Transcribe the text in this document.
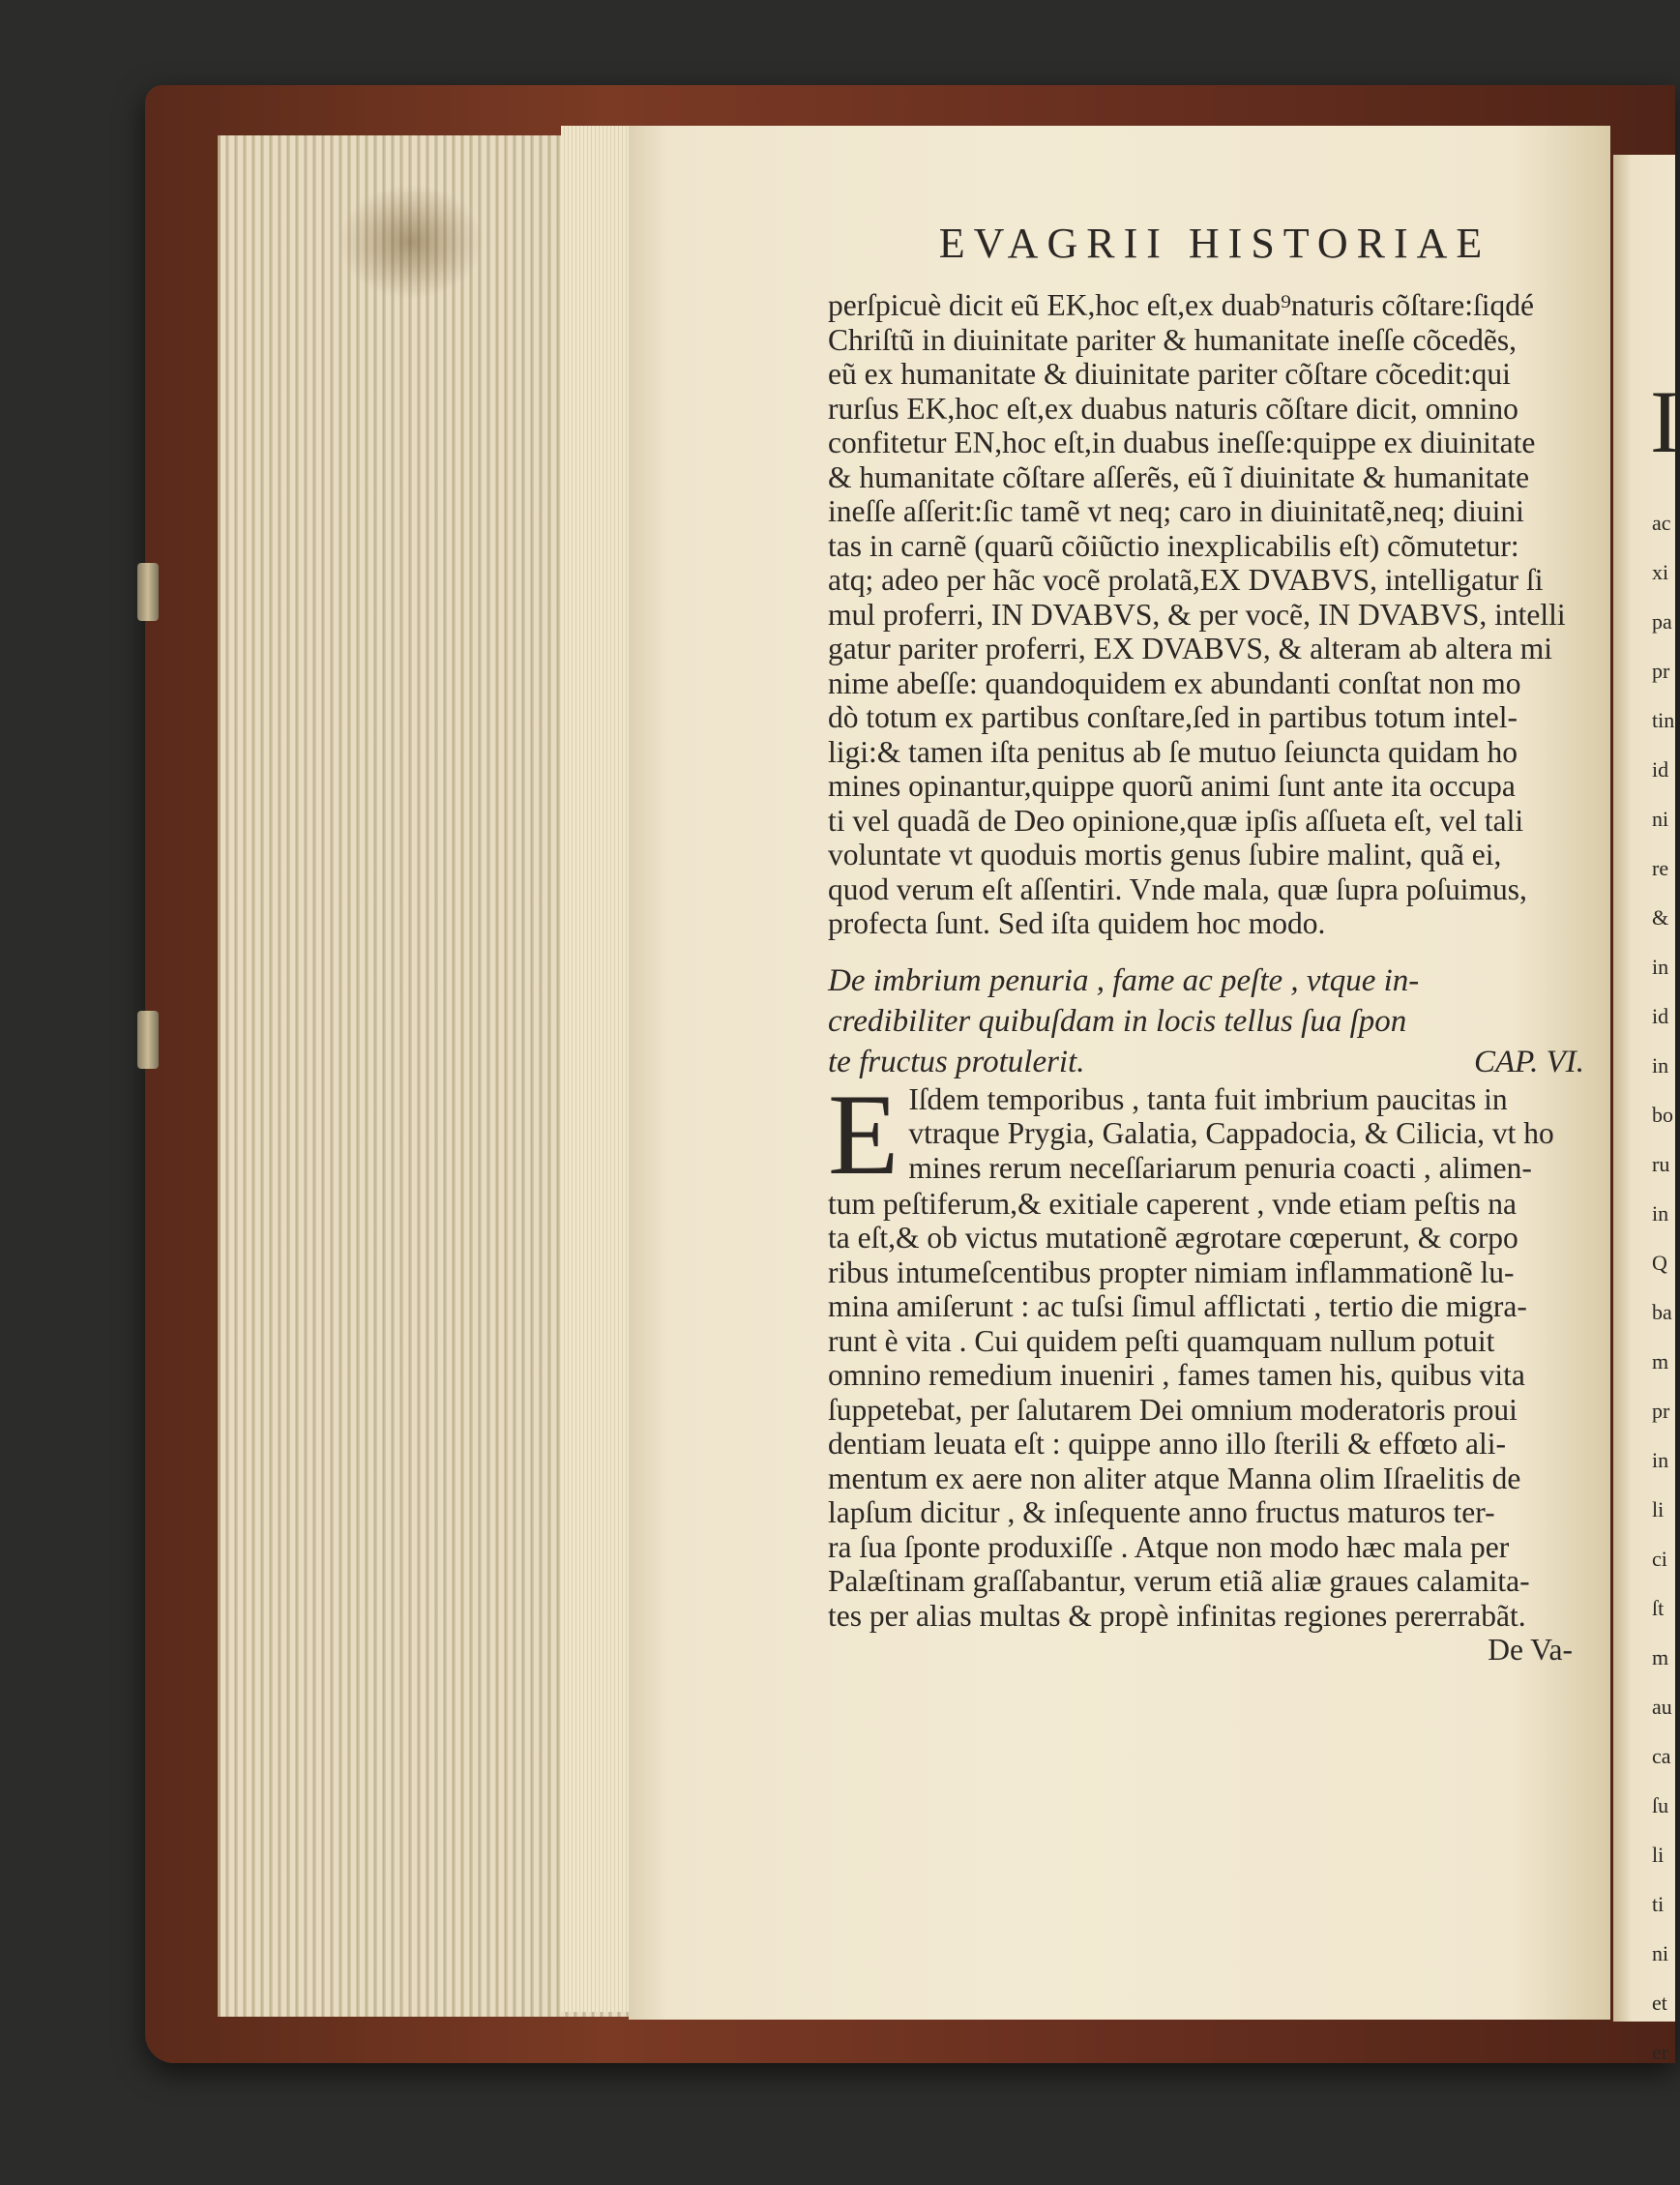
I
ac
xi
pa
pr
tin
id
ni
re
&
in
id
in
bo
ru
in
Q
ba
m
pr
in
li
ci
ſt
m
au
ca
ſu
li
ti
ni
et
er
EVAGRII HISTORIAE
perſpicuè dicit eũ ΕΚ,hoc eſt,ex duab⁹naturis cõſtare:ſiqdé
Chriſtũ in diuinitate pariter & humanitate ineſſe cõcedẽs,
eũ ex humanitate & diuinitate pariter cõſtare cõcedit:qui
rurſus ΕΚ,hoc eſt,ex duabus naturis cõſtare dicit, omnino
confitetur ΕΝ,hoc eſt,in duabus ineſſe:quippe ex diuinitate
& humanitate cõſtare aſſerẽs, eũ ĩ diuinitate & humanitate
ineſſe aſſerit:ſic tamẽ vt neq; caro in diuinitatẽ,neq; diuini
tas in carnẽ (quarũ cõiũctio inexplicabilis eſt) cõmutetur:
atq; adeo per hãc vocẽ prolatã,EX DVABVS, intelligatur ſi
mul proferri, IN DVABVS, & per vocẽ, IN DVABVS, intelli
gatur pariter proferri, EX DVABVS, & alteram ab altera mi
nime abeſſe: quandoquidem ex abundanti conſtat non mo
dò totum ex partibus conſtare,ſed in partibus totum intel-
ligi:& tamen iſta penitus ab ſe mutuo ſeiuncta quidam ho
mines opinantur,quippe quorũ animi ſunt ante ita occupa
ti vel quadã de Deo opinione,quæ ipſis aſſueta eſt, vel tali
voluntate vt quoduis mortis genus ſubire malint, quã ei,
quod verum eſt aſſentiri. Vnde mala, quæ ſupra poſuimus,
profecta ſunt. Sed iſta quidem hoc modo.
De imbrium penuria , fame ac peſte , vtque in-
credibiliter quibuſdam in locis tellus ſua ſpon
te fructus protulerit.	CAP. VI.
E Iſdem temporibus , tanta fuit imbrium paucitas in
vtraque Prygia, Galatia, Cappadocia, & Cilicia, vt ho
mines rerum neceſſariarum penuria coacti , alimen-
tum peſtiferum,& exitiale caperent , vnde etiam peſtis na
ta eſt,& ob victus mutationẽ ægrotare cœperunt, & corpo
ribus intumeſcentibus propter nimiam inflammationẽ lu-
mina amiſerunt : ac tuſsi ſimul afflictati , tertio die migra-
runt è vita . Cui quidem peſti quamquam nullum potuit
omnino remedium inueniri , fames tamen his, quibus vita
ſuppetebat, per ſalutarem Dei omnium moderatoris proui
dentiam leuata eſt : quippe anno illo ſterili & effœto ali-
mentum ex aere non aliter atque Manna olim Iſraelitis de
lapſum dicitur , & inſequente anno fructus maturos ter-
ra ſua ſponte produxiſſe . Atque non modo hæc mala per
Palæſtinam graſſabantur, verum etiã aliæ graues calamita-
tes per alias multas & propè infinitas regiones pererrabãt.
De Va-
